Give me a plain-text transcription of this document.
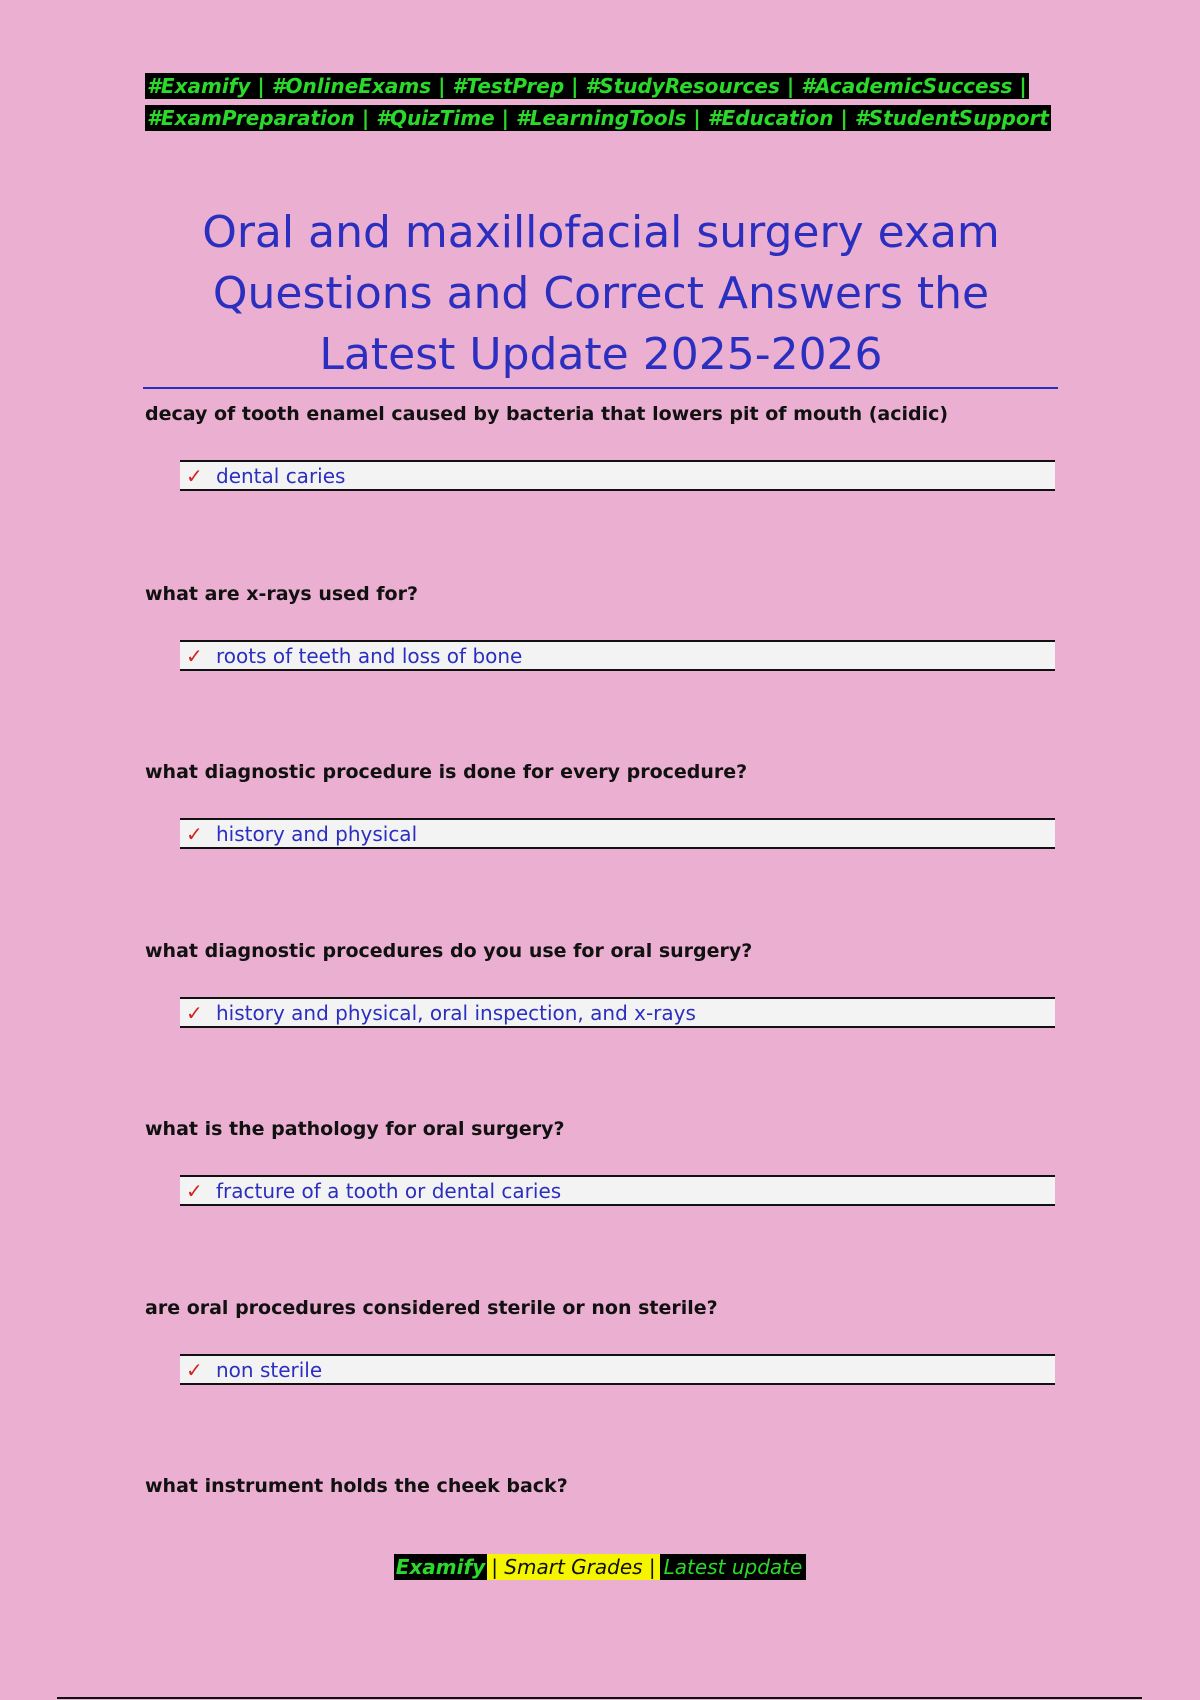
#Examify | #OnlineExams | #TestPrep | #StudyResources | #AcademicSuccess |
#ExamPreparation | #QuizTime | #LearningTools | #Education | #StudentSupport
Oral and maxillofacial surgery exam
Questions and Correct Answers the
Latest Update 2025-2026

decay of tooth enamel caused by bacteria that lowers pit of mouth (acidic)

✓ dental caries

what are x-rays used for?

✓ roots of teeth and loss of bone

what diagnostic procedure is done for every procedure?

✓ history and physical

what diagnostic procedures do you use for oral surgery?

✓ history and physical, oral inspection, and x-rays

what is the pathology for oral surgery?

✓ fracture of a tooth or dental caries

are oral procedures considered sterile or non sterile?

✓ non sterile

what instrument holds the cheek back?

Examify | Smart Grades | Latest update
